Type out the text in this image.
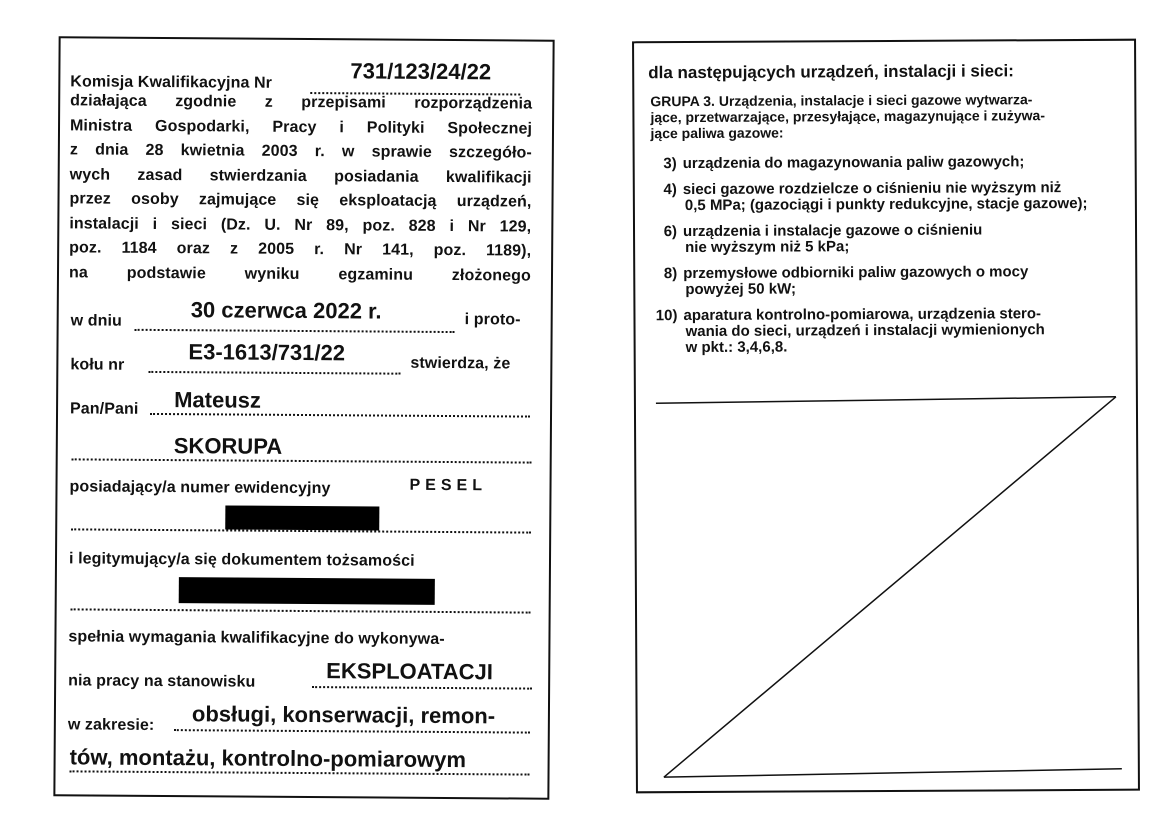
Komisja Kwalifikacyjna Nr	731/123/24/22
działająca zgodnie z przepisami rozporządzenia
Ministra Gospodarki, Pracy i Polityki Społecznej
z dnia 28 kwietnia 2003 r. w sprawie szczegóło-
wych zasad stwierdzania posiadania kwalifikacji
przez osoby zajmujące się eksploatacją urządzeń,
instalacji i sieci (Dz. U. Nr 89, poz. 828 i Nr 129,
poz. 1184 oraz z 2005 r. Nr 141, poz. 1189),
na podstawie wyniku egzaminu złożonego
w dniu	30 czerwca 2022 r.	i proto-
kołu nr	E3-1613/731/22	stwierdza, że
Pan/Pani Mateusz
SKORUPA
posiadający/a numer ewidencyjny	PESEL
i legitymujący/a się dokumentem tożsamości
spełnia wymagania kwalifikacyjne do wykonywa-
nia pracy na stanowisku	EKSPLOATACJI
w zakresie: obsługi, konserwacji, remon-
tów, montażu, kontrolno-pomiarowym
dla następujących urządzeń, instalacji i sieci:
GRUPA 3. Urządzenia, instalacje i sieci gazowe wytwarza-
jące, przetwarzające, przesyłające, magazynujące i zużywa-
jące paliwa gazowe:
3) urządzenia do magazynowania paliw gazowych;
4) sieci gazowe rozdzielcze o ciśnieniu nie wyższym niż
0,5 MPa; (gazociągi i punkty redukcyjne, stacje gazowe);
6) urządzenia i instalacje gazowe o ciśnieniu
nie wyższym niż 5 kPa;
8) przemysłowe odbiorniki paliw gazowych o mocy
powyżej 50 kW;
10) aparatura kontrolno-pomiarowa, urządzenia stero-
wania do sieci, urządzeń i instalacji wymienionych
w pkt.: 3,4,6,8.
